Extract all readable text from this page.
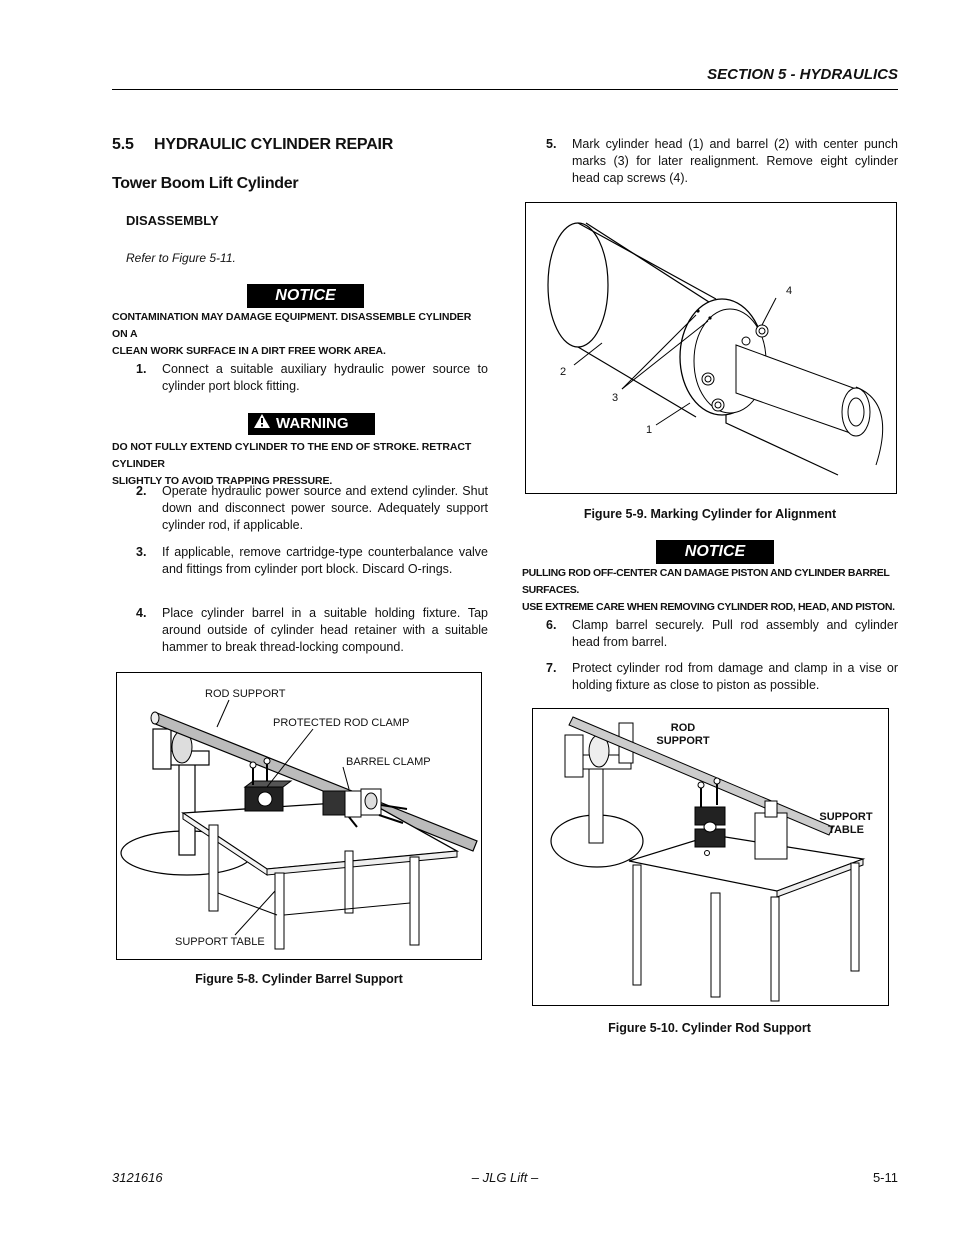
SECTION 5 - HYDRAULICS
5.5 HYDRAULIC CYLINDER REPAIR
Tower Boom Lift Cylinder
DISASSEMBLY
Refer to Figure 5-11.
NOTICE
CONTAMINATION MAY DAMAGE EQUIPMENT. DISASSEMBLE CYLINDER ON A
CLEAN WORK SURFACE IN A DIRT FREE WORK AREA.
1. Connect a suitable auxiliary hydraulic power source to cylinder port block fitting.
WARNING
DO NOT FULLY EXTEND CYLINDER TO THE END OF STROKE. RETRACT CYLINDER
SLIGHTLY TO AVOID TRAPPING PRESSURE.
2. Operate hydraulic power source and extend cylinder. Shut down and disconnect power source. Adequately support cylinder rod, if applicable.
3. If applicable, remove cartridge-type counterbalance valve and fittings from cylinder port block. Discard O-rings.
4. Place cylinder barrel in a suitable holding fixture. Tap around outside of cylinder head retainer with a suitable hammer to break thread-locking compound.
ROD SUPPORT
PROTECTED ROD CLAMP
BARREL CLAMP
SUPPORT TABLE
Figure 5-8. Cylinder Barrel Support
5. Mark cylinder head (1) and barrel (2) with center punch marks (3) for later realignment. Remove eight cylinder head cap screws (4).
4
2
3
1
Figure 5-9. Marking Cylinder for Alignment
NOTICE
PULLING ROD OFF-CENTER CAN DAMAGE PISTON AND CYLINDER BARREL SURFACES.
USE EXTREME CARE WHEN REMOVING CYLINDER ROD, HEAD, AND PISTON.
6. Clamp barrel securely. Pull rod assembly and cylinder head from barrel.
7. Protect cylinder rod from damage and clamp in a vise or holding fixture as close to piston as possible.
ROD
SUPPORT
SUPPORT
TABLE
Figure 5-10. Cylinder Rod Support
3121616	– JLG Lift –	5-11
